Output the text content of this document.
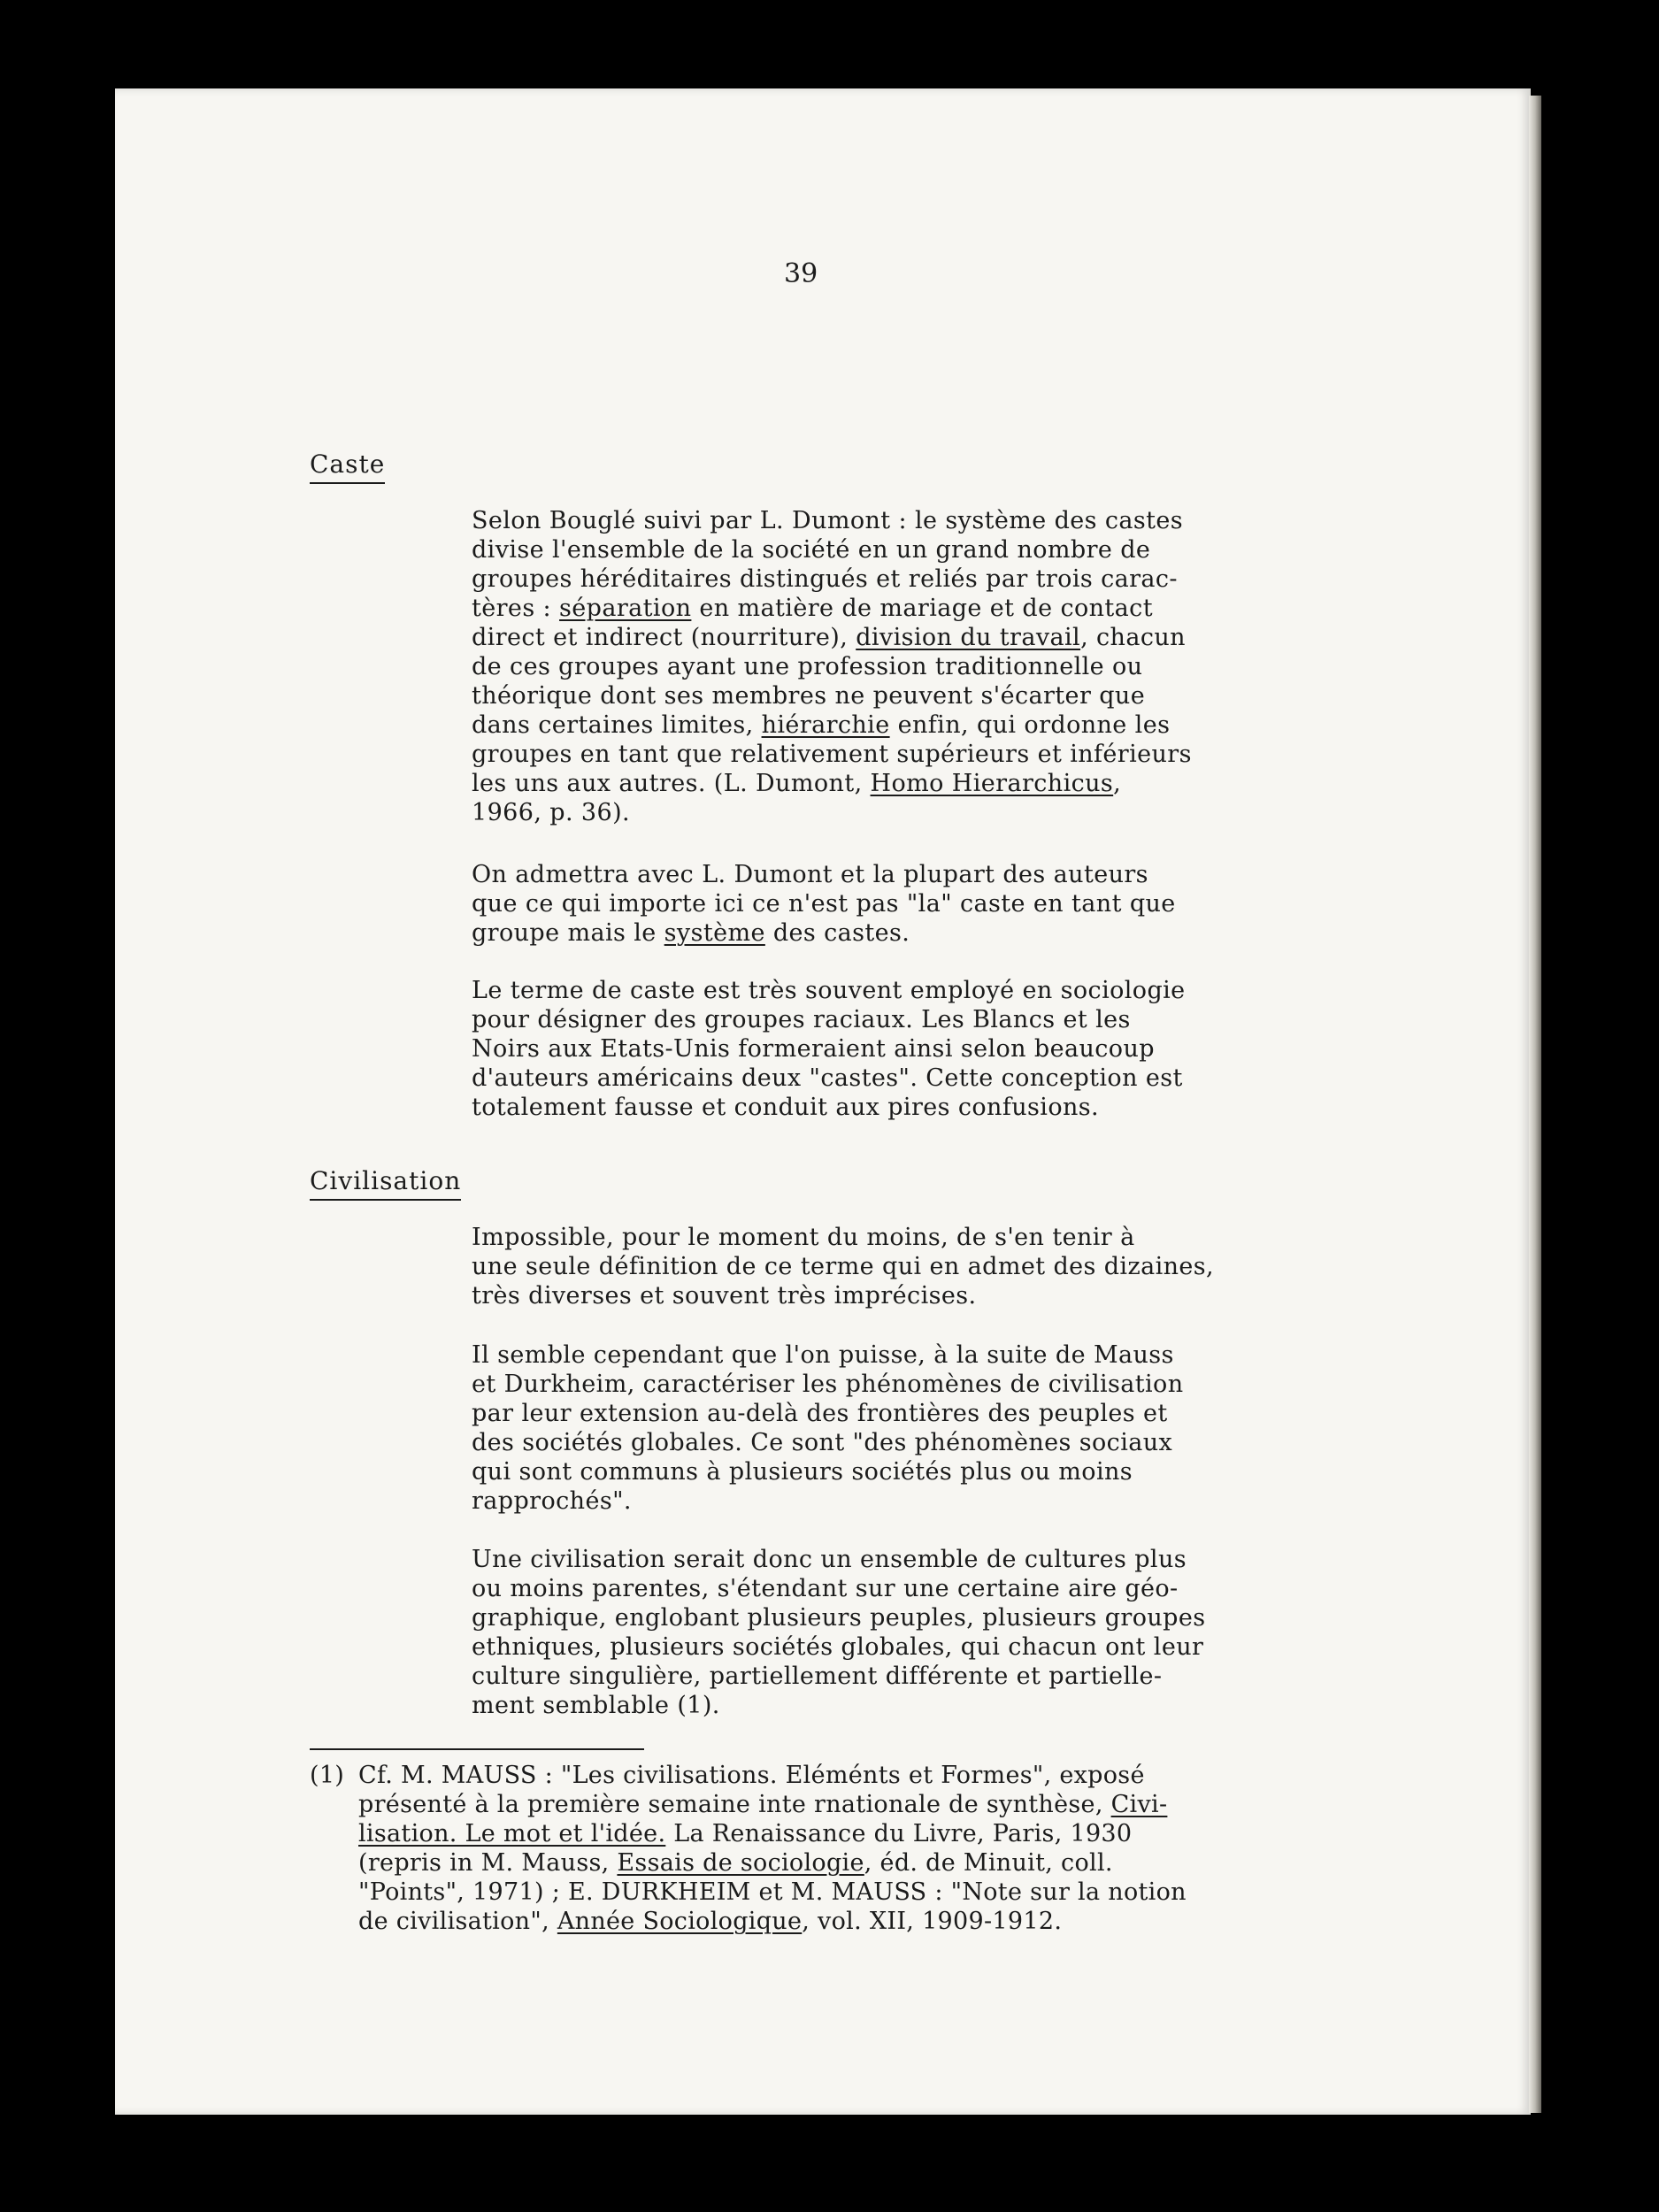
39
Caste
Selon Bouglé suivi par L. Dumont : le système des castes
divise l'ensemble de la société en un grand nombre de
groupes héréditaires distingués et reliés par trois carac-
tères : séparation en matière de mariage et de contact
direct et indirect (nourriture), division du travail, chacun
de ces groupes ayant une profession traditionnelle ou
théorique dont ses membres ne peuvent s'écarter que
dans certaines limites, hiérarchie enfin, qui ordonne les
groupes en tant que relativement supérieurs et inférieurs
les uns aux autres. (L. Dumont, Homo Hierarchicus,
1966, p. 36).
On admettra avec L. Dumont et la plupart des auteurs
que ce qui importe ici ce n'est pas "la" caste en tant que
groupe mais le système des castes.
Le terme de caste est très souvent employé en sociologie
pour désigner des groupes raciaux. Les Blancs et les
Noirs aux Etats-Unis formeraient ainsi selon beaucoup
d'auteurs américains deux "castes". Cette conception est
totalement fausse et conduit aux pires confusions.
Civilisation
Impossible, pour le moment du moins, de s'en tenir à
une seule définition de ce terme qui en admet des dizaines,
très diverses et souvent très imprécises.
Il semble cependant que l'on puisse, à la suite de Mauss
et Durkheim, caractériser les phénomènes de civilisation
par leur extension au-delà des frontières des peuples et
des sociétés globales. Ce sont "des phénomènes sociaux
qui sont communs à plusieurs sociétés plus ou moins
rapprochés".
Une civilisation serait donc un ensemble de cultures plus
ou moins parentes, s'étendant sur une certaine aire géo-
graphique, englobant plusieurs peuples, plusieurs groupes
ethniques, plusieurs sociétés globales, qui chacun ont leur
culture singulière, partiellement différente et partielle-
ment semblable (1).
(1) Cf. M. MAUSS : "Les civilisations. Eléménts et Formes", exposé
présenté à la première semaine inte rnationale de synthèse, Civi-
lisation. Le mot et l'idée. La Renaissance du Livre, Paris, 1930
(repris in M. Mauss, Essais de sociologie, éd. de Minuit, coll.
"Points", 1971) ; E. DURKHEIM et M. MAUSS : "Note sur la notion
de civilisation", Année Sociologique, vol. XII, 1909-1912.
